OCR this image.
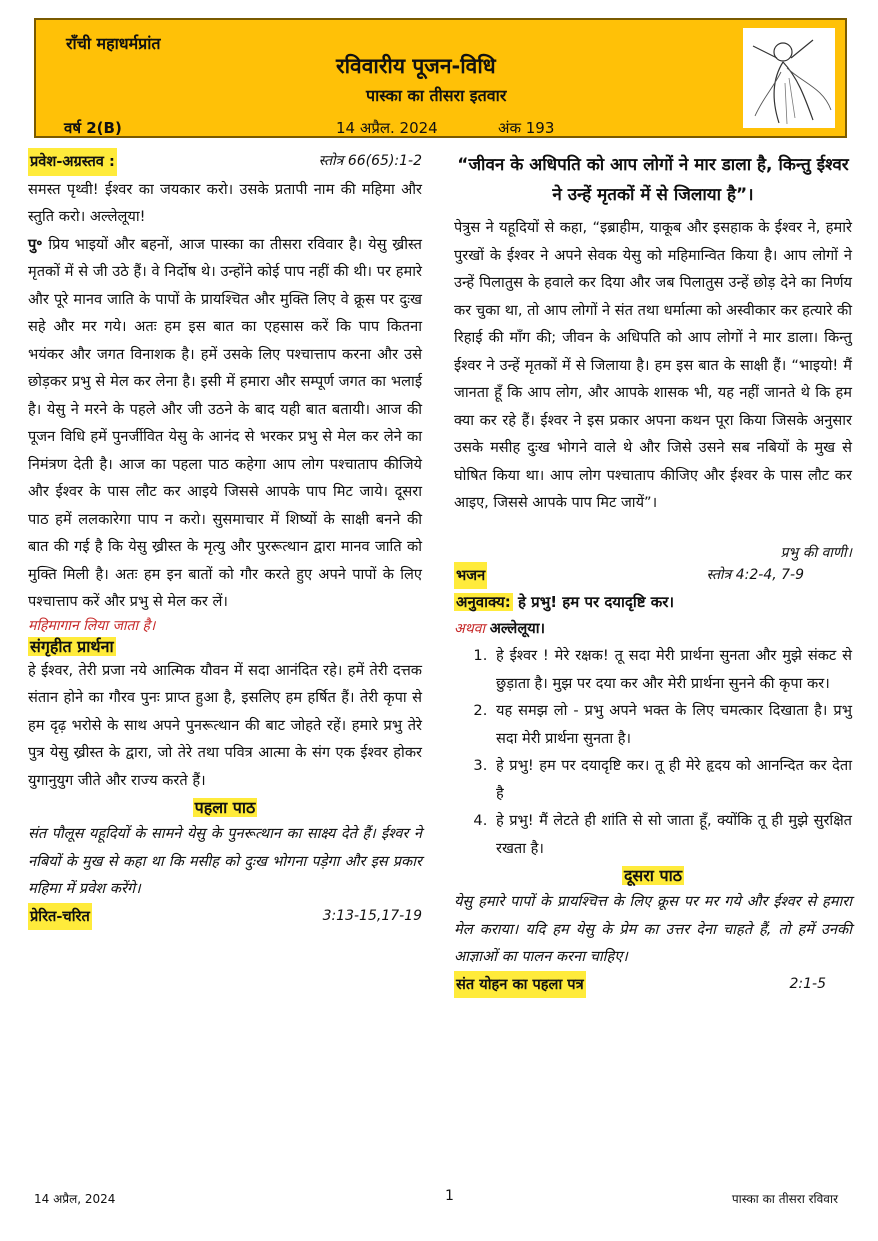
राँची महाधर्मप्रांत
रविवारीय पूजन-विधि
पास्का का तीसरा इतवार
वर्ष 2(B)	14 अप्रैल. 2024	अंक 193
प्रवेश-अग्रस्तव :	स्तोत्र 66(65):1-2

समस्त पृथ्वी! ईश्वर का जयकार करो। उसके प्रतापी नाम की महिमा और स्तुति करो। अल्लेलूया!

पु॰ प्रिय भाइयों और बहनों, आज पास्का का तीसरा रविवार है। येसु ख्रीस्त मृतकों में से जी उठे हैं। वे निर्दोष थे। उन्होंने कोई पाप नहीं की थी। पर हमारे और पूरे मानव जाति के पापों के प्रायश्चित और मुक्ति लिए वे क्रूस पर दुःख सहे और मर गये। अतः हम इस बात का एहसास करें कि पाप कितना भयंकर और जगत विनाशक है। हमें उसके लिए पश्चात्ताप करना और उसे छोड़कर प्रभु से मेल कर लेना है। इसी में हमारा और सम्पूर्ण जगत का भलाई है। येसु ने मरने के पहले और जी उठने के बाद यही बात बतायी। आज की पूजन विधि हमें पुनर्जीवित येसु के आनंद से भरकर प्रभु से मेल कर लेने का निमंत्रण देती है। आज का पहला पाठ कहेगा आप लोग पश्चाताप कीजिये और ईश्वर के पास लौट कर आइये जिससे आपके पाप मिट जाये। दूसरा पाठ हमें ललकारेगा पाप न करो। सुसमाचार में शिष्यों के साक्षी बनने की बात की गई है कि येसु ख्रीस्त के मृत्यु और पुररूत्थान द्वारा मानव जाति को मुक्ति मिली है। अतः हम इन बातों को गौर करते हुए अपने पापों के लिए पश्चात्ताप करें और प्रभु से मेल कर लें।

महिमागान लिया जाता है।
संगृहीत प्रार्थना

हे ईश्वर, तेरी प्रजा नये आत्मिक यौवन में सदा आनंदित रहे। हमें तेरी दत्तक संतान होने का गौरव पुनः प्राप्त हुआ है, इसलिए हम हर्षित हैं। तेरी कृपा से हम दृढ़ भरोसे के साथ अपने पुनरूत्थान की बाट जोहते रहें। हमारे प्रभु तेरे पुत्र येसु ख्रीस्त के द्वारा, जो तेरे तथा पवित्र आत्मा के संग एक ईश्वर होकर युगानुयुग जीते और राज्य करते हैं।

पहला पाठ

संत पौलूस यहूदियों के सामने येसु के पुनरूत्थान का साक्ष्य देते हैं। ईश्वर ने नबियों के मुख से कहा था कि मसीह को दुःख भोगना पड़ेगा और इस प्रकार महिमा में प्रवेश करेंगे।

प्रेरित-चरित	3:13-15,17-19
“जीवन के अधिपति को आप लोगों ने मार डाला है, किन्तु ईश्वर ने उन्हें मृतकों में से जिलाया है”।

पेत्रुस ने यहूदियों से कहा, “इब्राहीम, याकूब और इसहाक के ईश्वर ने, हमारे पुरखों के ईश्वर ने अपने सेवक येसु को महिमान्वित किया है। आप लोगों ने उन्हें पिलातुस के हवाले कर दिया और जब पिलातुस उन्हें छोड़ देने का निर्णय कर चुका था, तो आप लोगों ने संत तथा धर्मात्मा को अस्वीकार कर हत्यारे की रिहाई की माँग की; जीवन के अधिपति को आप लोगों ने मार डाला। किन्तु ईश्वर ने उन्हें मृतकों में से जिलाया है। हम इस बात के साक्षी हैं। “भाइयो! मैं जानता हूँ कि आप लोग, और आपके शासक भी, यह नहीं जानते थे कि हम क्या कर रहे हैं। ईश्वर ने इस प्रकार अपना कथन पूरा किया जिसके अनुसार उसके मसीह दुःख भोगने वाले थे और जिसे उसने सब नबियों के मुख से घोषित किया था। आप लोग पश्चाताप कीजिए और ईश्वर के पास लौट कर आइए, जिससे आपके पाप मिट जायें”।

प्रभु की वाणी।
भजन	स्तोत्र 4:2-4, 7-9
अनुवाक्य: हे प्रभु! हम पर दयादृष्टि कर।
अथवा अल्लेलूया।
1. हे ईश्वर ! मेरे रक्षक! तू सदा मेरी प्रार्थना सुनता और मुझे संकट से छुड़ाता है। मुझ पर दया कर और मेरी प्रार्थना सुनने की कृपा कर।
2. यह समझ लो - प्रभु अपने भक्त के लिए चमत्कार दिखाता है। प्रभु सदा मेरी प्रार्थना सुनता है।
3. हे प्रभु! हम पर दयादृष्टि कर। तू ही मेरे हृदय को आनन्दित कर देता है
4. हे प्रभु! मैं लेटते ही शांति से सो जाता हूँ, क्योंकि तू ही मुझे सुरक्षित रखता है।
दूसरा पाठ

येसु हमारे पापों के प्रायश्चित्त के लिए क्रूस पर मर गये और ईश्वर से हमारा मेल कराया। यदि हम येसु के प्रेम का उत्तर देना चाहते हैं, तो हमें उनकी आज्ञाओं का पालन करना चाहिए।

संत योहन का पहला पत्र	2:1-5
14 अप्रैल, 2024	1	पास्का का तीसरा रविवार
